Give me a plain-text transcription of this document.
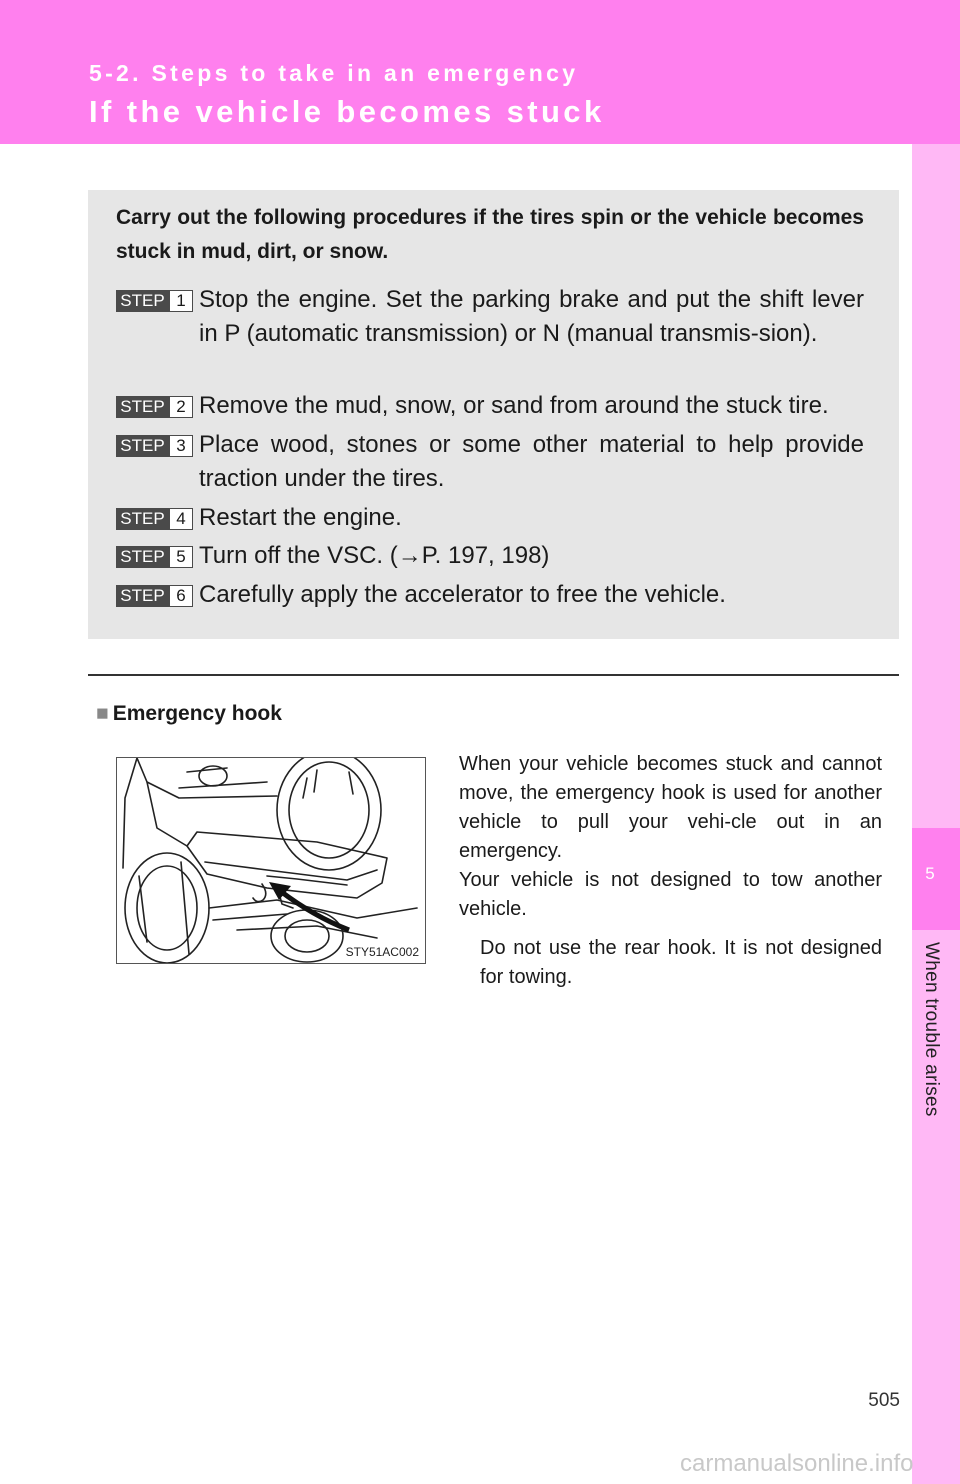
5-2. Steps to take in an emergency
If the vehicle becomes stuck
5
When trouble arises
Carry out the following procedures if the tires spin or the vehicle becomes stuck in mud, dirt, or snow.
STEP 1 Stop the engine. Set the parking brake and put the shift lever in P (automatic transmission) or N (manual transmis-sion).
STEP 2 Remove the mud, snow, or sand from around the stuck tire.
STEP 3 Place wood, stones or some other material to help provide traction under the tires.
STEP 4 Restart the engine.
STEP 5 Turn off the VSC. (→P. 197, 198)
STEP 6 Carefully apply the accelerator to free the vehicle.
■ Emergency hook
STY51AC002

When your vehicle becomes stuck and cannot move, the emergency hook is used for another vehicle to pull your vehi-cle out in an emergency.

Your vehicle is not designed to tow another vehicle.

Do not use the rear hook. It is not designed for towing.
505
carmanualsonline.info
